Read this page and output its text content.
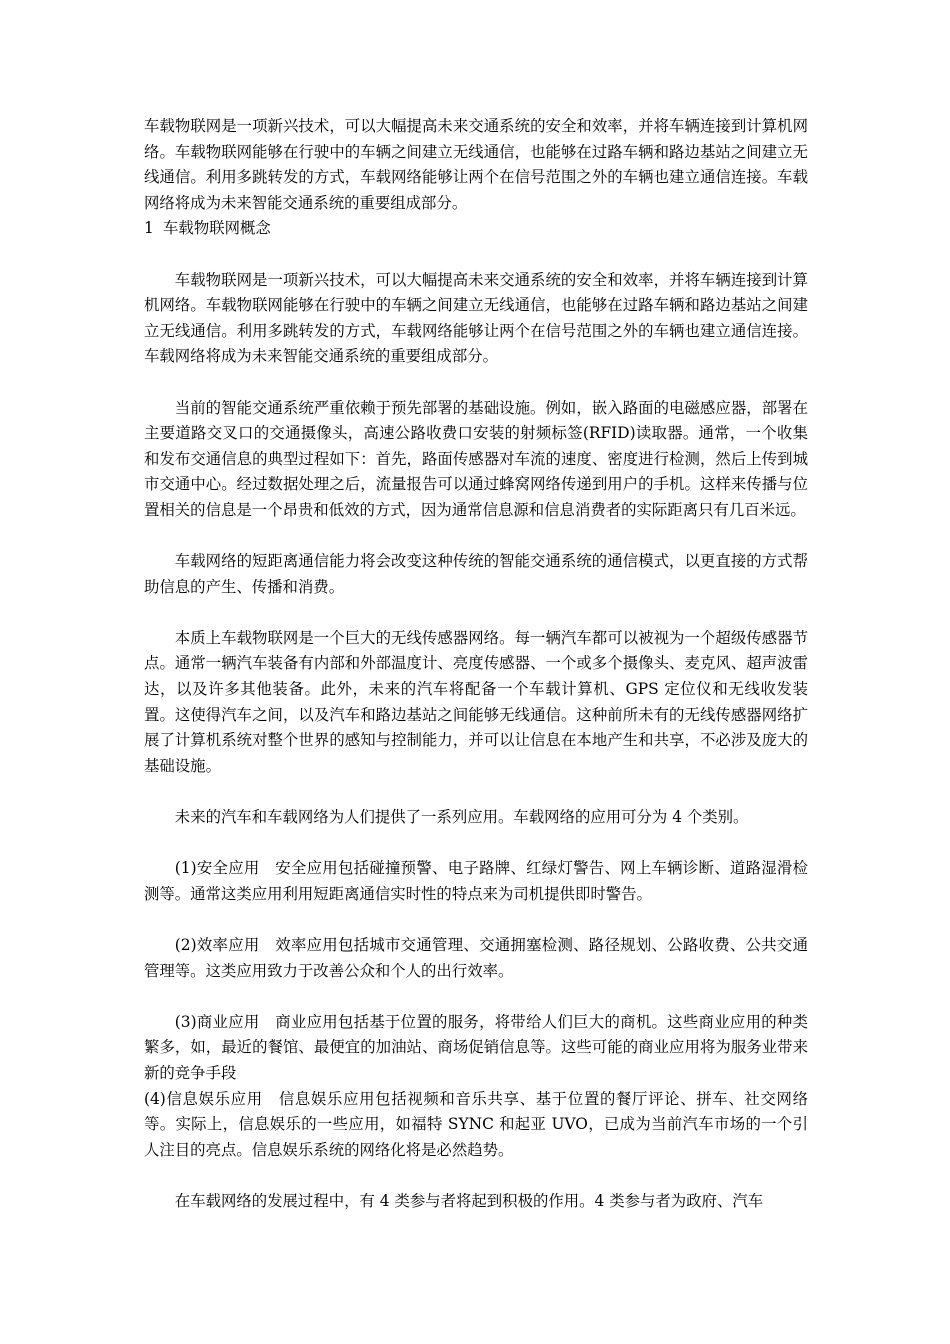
车载物联网是一项新兴技术，可以大幅提高未来交通系统的安全和效率，并将车辆连接到计算机网络。车载物联网能够在行驶中的车辆之间建立无线通信，也能够在过路车辆和路边基站之间建立无线通信。利用多跳转发的方式，车载网络能够让两个在信号范围之外的车辆也建立通信连接。车载网络将成为未来智能交通系统的重要组成部分。

1 车载物联网概念

车载物联网是一项新兴技术，可以大幅提高未来交通系统的安全和效率，并将车辆连接到计算机网络。车载物联网能够在行驶中的车辆之间建立无线通信，也能够在过路车辆和路边基站之间建立无线通信。利用多跳转发的方式，车载网络能够让两个在信号范围之外的车辆也建立通信连接。车载网络将成为未来智能交通系统的重要组成部分。

当前的智能交通系统严重依赖于预先部署的基础设施。例如，嵌入路面的电磁感应器，部署在主要道路交叉口的交通摄像头，高速公路收费口安装的射频标签(RFID)读取器。通常，一个收集和发布交通信息的典型过程如下：首先，路面传感器对车流的速度、密度进行检测，然后上传到城市交通中心。经过数据处理之后，流量报告可以通过蜂窝网络传递到用户的手机。这样来传播与位置相关的信息是一个昂贵和低效的方式，因为通常信息源和信息消费者的实际距离只有几百米远。

车载网络的短距离通信能力将会改变这种传统的智能交通系统的通信模式，以更直接的方式帮助信息的产生、传播和消费。

本质上车载物联网是一个巨大的无线传感器网络。每一辆汽车都可以被视为一个超级传感器节点。通常一辆汽车装备有内部和外部温度计、亮度传感器、一个或多个摄像头、麦克风、超声波雷达，以及许多其他装备。此外，未来的汽车将配备一个车载计算机、GPS 定位仪和无线收发装置。这使得汽车之间，以及汽车和路边基站之间能够无线通信。这种前所未有的无线传感器网络扩展了计算机系统对整个世界的感知与控制能力，并可以让信息在本地产生和共享，不必涉及庞大的基础设施。

未来的汽车和车载网络为人们提供了一系列应用。车载网络的应用可分为 4 个类别。

(1)安全应用　安全应用包括碰撞预警、电子路牌、红绿灯警告、网上车辆诊断、道路湿滑检测等。通常这类应用利用短距离通信实时性的特点来为司机提供即时警告。

(2)效率应用　效率应用包括城市交通管理、交通拥塞检测、路径规划、公路收费、公共交通管理等。这类应用致力于改善公众和个人的出行效率。

(3)商业应用　商业应用包括基于位置的服务，将带给人们巨大的商机。这些商业应用的种类繁多，如，最近的餐馆、最便宜的加油站、商场促销信息等。这些可能的商业应用将为服务业带来新的竞争手段

(4)信息娱乐应用　信息娱乐应用包括视频和音乐共享、基于位置的餐厅评论、拼车、社交网络等。实际上，信息娱乐的一些应用，如福特 SYNC 和起亚 UVO，已成为当前汽车市场的一个引人注目的亮点。信息娱乐系统的网络化将是必然趋势。

在车载网络的发展过程中，有 4 类参与者将起到积极的作用。4 类参与者为政府、汽车
